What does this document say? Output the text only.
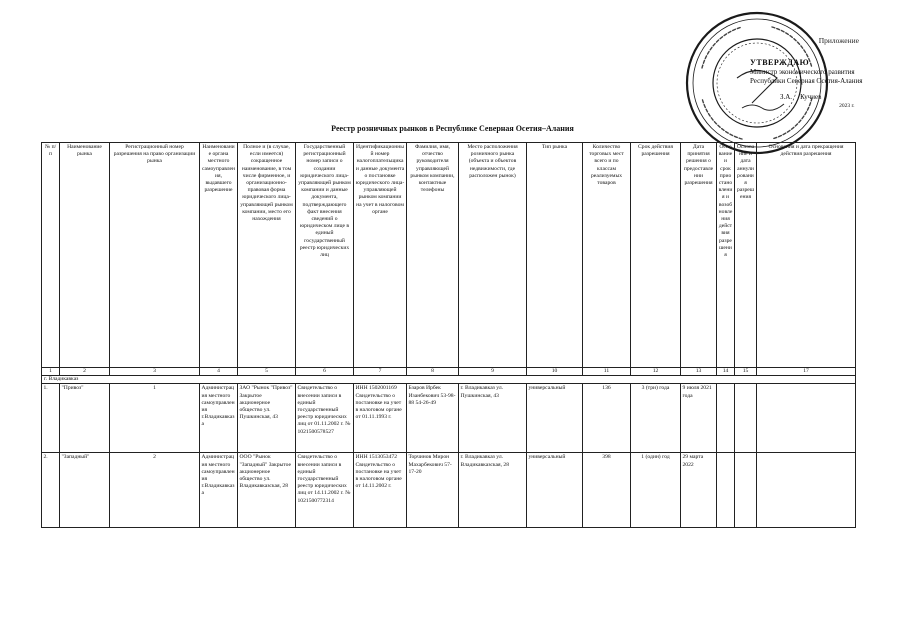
Приложение
УТВЕРЖДАЮ
Министр экономического развития
Республики Северная Осетия-Алания
З.А. Кучиев
2023 г.
Реестр розничных рынков в Республике Северная Осетия–Алания
№ п/п	Наименование рынка	Регистрационный номер разрешения на право организации рынка	Наименование органа местного самоуправления, выдавшего разрешение	Полное и (в случае, если имеется) сокращенное наименование, в том числе фирменное, и организационно-правовая форма юридического лица-управляющей рынком компании, место его нахождения	Государственный регистрационный номер записи о создании юридического лица-управляющей рынком компании и данные документа, подтверждающего факт внесения сведений о юридическом лице в единый государственный реестр юридических лиц	Идентификационный номер налогоплательщика и данные документа о постановке юридического лица-управляющей рынком компании на учет в налоговом органе	Фамилия, имя, отчество руководителя управляющей рынком компании, контактные телефоны	Место расположения розничного рынка (объекта и объектов недвижимости, где расположен рынок)	Тип рынка	Количество торговых мест всего и по классам реализуемых товаров	Срок действия разрешения	Дата принятия решения о предоставлении разрешения	Основание и срок приостановления и возобновления действия разрешения	Основание и дата аннулирования разрешения	Основания и дата прекращения действия разрешения
1	2	3	4	5	6	7	8	9	10	11	12	13	14	15	17
г. Владикавказ															
1.	"Привоз"	1	Администрация местного самоуправления г.Владикавказа	ЗАО "Рынок "Привоз" Закрытое акционерное общество ул. Пушкинская, 43	Свидетельство о внесении записи в единый государственный реестр юридических лиц от 01.11.2002 г. № 1021500578527	ИНН 1502001169 Свидетельство о постановке на учет в налоговом органе от 01.11.1993 г.	Бзаров Ирбек Изанбекович 53-98-88 54-26-49	г. Владикавказ ул. Пушкинская, 43	универсальный	136	3 (три) года	9 июля 2021 года			
2.	"Западный"	2	Администрация местного самоуправления г.Владикавказа	ООО "Рынок "Западный" Закрытое акционерное общество ул. Владикавказская, 28	Свидетельство о внесении записи в единый государственный реестр юридических лиц от 14.11.2002 г. № 1021500772314	ИНН 1513053472 Свидетельство о постановке на учет в налоговом органе от 14.11.2002 г.	Торчинов Мирон Махарбекович 57-17-20	г. Владикавказ ул. Владикавказская, 28	универсальный	398	1 (один) год	29 марта 2022			
